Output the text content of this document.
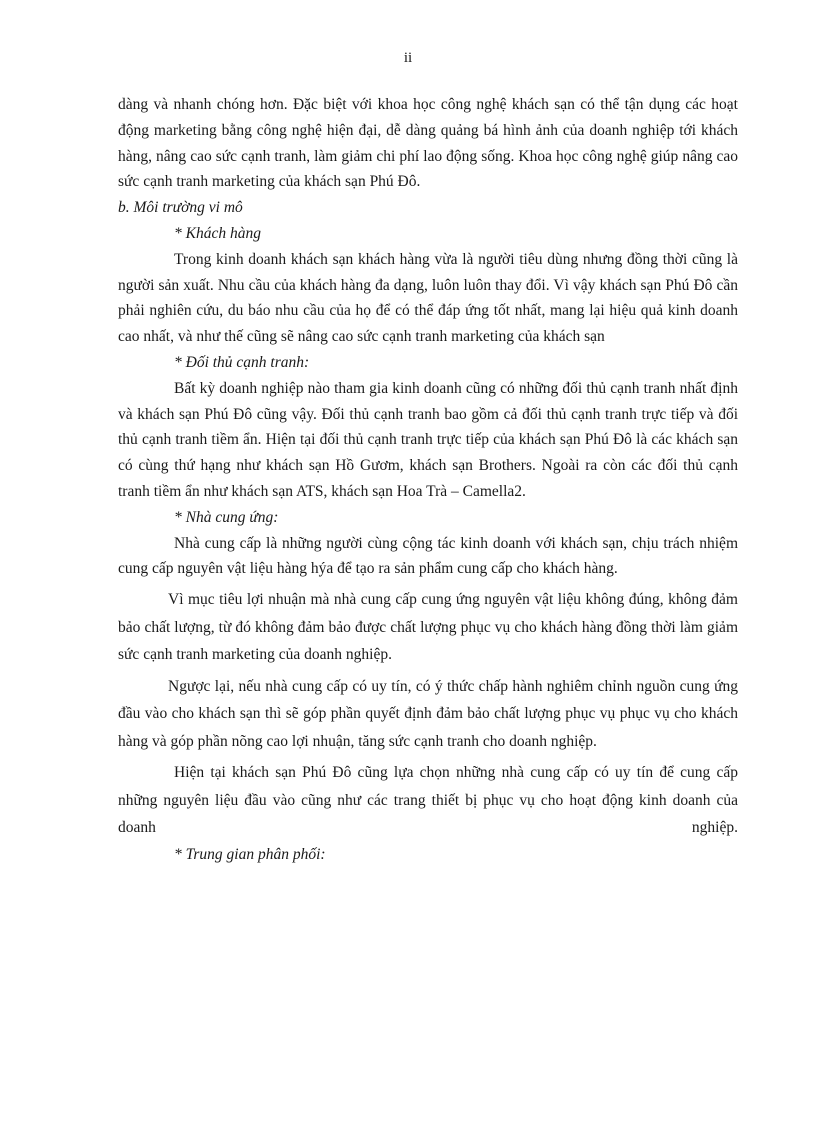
ii

dàng và nhanh chóng hơn. Đặc biệt với khoa học công nghệ khách sạn có thể tận dụng các hoạt động marketing bằng công nghệ hiện đại, dễ dàng quảng bá hình ảnh của doanh nghiệp tới khách hàng, nâng cao sức cạnh tranh, làm giảm chi phí lao động sống. Khoa học công nghệ giúp nâng cao sức cạnh tranh marketing của khách sạn Phú Đô.

b. Môi trường vi mô
* Khách hàng

Trong kinh doanh khách sạn khách hàng vừa là người tiêu dùng nhưng đồng thời cũng là người sản xuất. Nhu cầu của khách hàng đa dạng, luôn luôn thay đổi. Vì vậy khách sạn Phú Đô cần phải nghiên cứu, du báo nhu cầu của họ để có thể đáp ứng tốt nhất, mang lại hiệu quả kinh doanh cao nhất, và như thế cũng sẽ nâng cao sức cạnh tranh marketing của khách sạn

* Đối thủ cạnh tranh:

Bất kỳ doanh nghiệp nào tham gia kinh doanh cũng có những đối thủ cạnh tranh nhất định và khách sạn Phú Đô cũng vậy. Đối thủ cạnh tranh bao gồm cả đối thủ cạnh tranh trực tiếp và đối thủ cạnh tranh tiềm ẩn. Hiện tại đối thủ cạnh tranh trực tiếp của khách sạn Phú Đô là các khách sạn có cùng thứ hạng như khách sạn Hồ Gươm, khách sạn Brothers. Ngoài ra còn các đối thủ cạnh tranh tiềm ẩn như khách sạn ATS, khách sạn Hoa Trà – Camella2.

* Nhà cung ứng:

Nhà cung cấp là những người cùng cộng tác kinh doanh với khách sạn, chịu trách nhiệm cung cấp nguyên vật liệu hàng hýa để tạo ra sản phẩm cung cấp cho khách hàng.

Vì mục tiêu lợi nhuận mà nhà cung cấp cung ứng nguyên vật liệu không đúng, không đảm bảo chất lượng, từ đó không đảm bảo được chất lượng phục vụ cho khách hàng đồng thời làm giảm sức cạnh tranh marketing của doanh nghiệp.

Ngược lại, nếu nhà cung cấp có uy tín, có ý thức chấp hành nghiêm chỉnh nguồn cung ứng đầu vào cho khách sạn thì sẽ góp phần quyết định đảm bảo chất lượng phục vụ phục vụ cho khách hàng và góp phần nõng cao lợi nhuận, tăng sức cạnh tranh cho doanh nghiệp.

Hiện tại khách sạn Phú Đô cũng lựa chọn những nhà cung cấp có uy tín để cung cấp những nguyên liệu đầu vào cũng như các trang thiết bị phục vụ cho hoạt động kinh doanh của doanh nghiệp.

* Trung gian phân phối:
